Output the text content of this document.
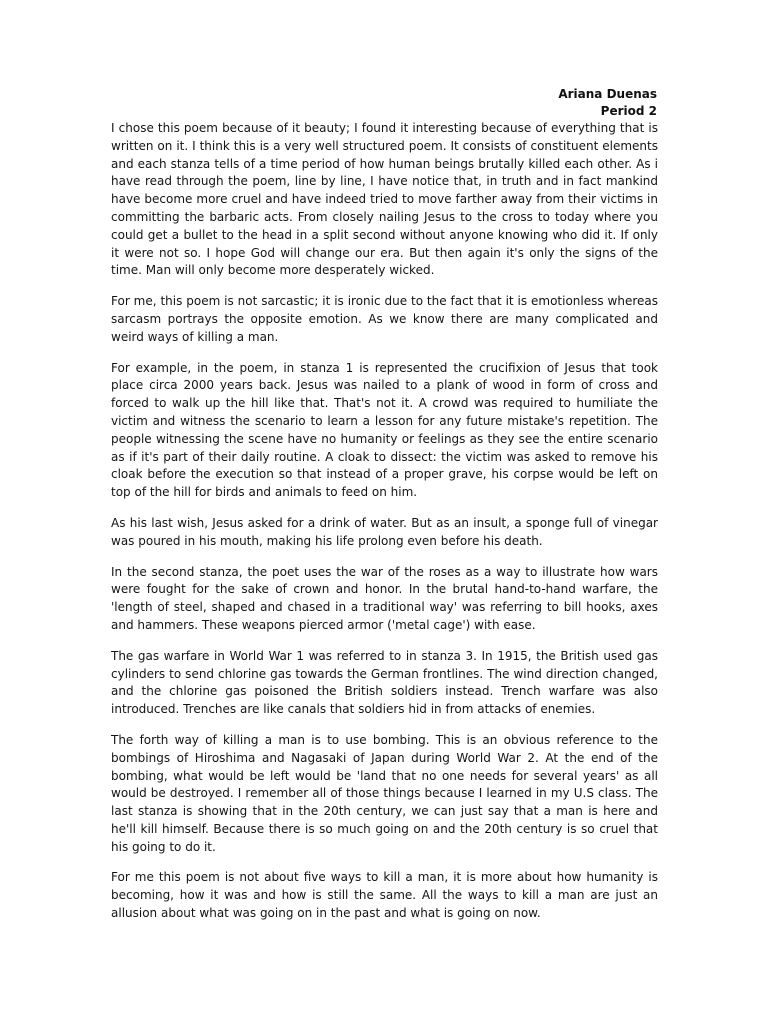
Ariana Duenas
Period 2

I chose this poem because of it beauty; I found it interesting because of everything that is written on it. I think this is a very well structured poem. It consists of constituent elements and each stanza tells of a time period of how human beings brutally killed each other. As i have read through the poem, line by line, I have notice that, in truth and in fact mankind have become more cruel and have indeed tried to move farther away from their victims in committing the barbaric acts. From closely nailing Jesus to the cross to today where you could get a bullet to the head in a split second without anyone knowing who did it. If only it were not so. I hope God will change our era. But then again it's only the signs of the time. Man will only become more desperately wicked.

For me, this poem is not sarcastic; it is ironic due to the fact that it is emotionless whereas sarcasm portrays the opposite emotion. As we know there are many complicated and weird ways of killing a man.

For example, in the poem, in stanza 1 is represented the crucifixion of Jesus that took place circa 2000 years back. Jesus was nailed to a plank of wood in form of cross and forced to walk up the hill like that. That's not it. A crowd was required to humiliate the victim and witness the scenario to learn a lesson for any future mistake's repetition. The people witnessing the scene have no humanity or feelings as they see the entire scenario as if it's part of their daily routine. A cloak to dissect: the victim was asked to remove his cloak before the execution so that instead of a proper grave, his corpse would be left on top of the hill for birds and animals to feed on him.

As his last wish, Jesus asked for a drink of water. But as an insult, a sponge full of vinegar was poured in his mouth, making his life prolong even before his death.

In the second stanza, the poet uses the war of the roses as a way to illustrate how wars were fought for the sake of crown and honor. In the brutal hand-to-hand warfare, the 'length of steel, shaped and chased in a traditional way' was referring to bill hooks, axes and hammers. These weapons pierced armor ('metal cage') with ease.

The gas warfare in World War 1 was referred to in stanza 3. In 1915, the British used gas cylinders to send chlorine gas towards the German frontlines. The wind direction changed, and the chlorine gas poisoned the British soldiers instead. Trench warfare was also introduced. Trenches are like canals that soldiers hid in from attacks of enemies.

The forth way of killing a man is to use bombing. This is an obvious reference to the bombings of Hiroshima and Nagasaki of Japan during World War 2. At the end of the bombing, what would be left would be 'land that no one needs for several years' as all would be destroyed. I remember all of those things because I learned in my U.S class. The last stanza is showing that in the 20th century, we can just say that a man is here and he'll kill himself. Because there is so much going on and the 20th century is so cruel that his going to do it.

For me this poem is not about five ways to kill a man, it is more about how humanity is becoming, how it was and how is still the same. All the ways to kill a man are just an allusion about what was going on in the past and what is going on now.
